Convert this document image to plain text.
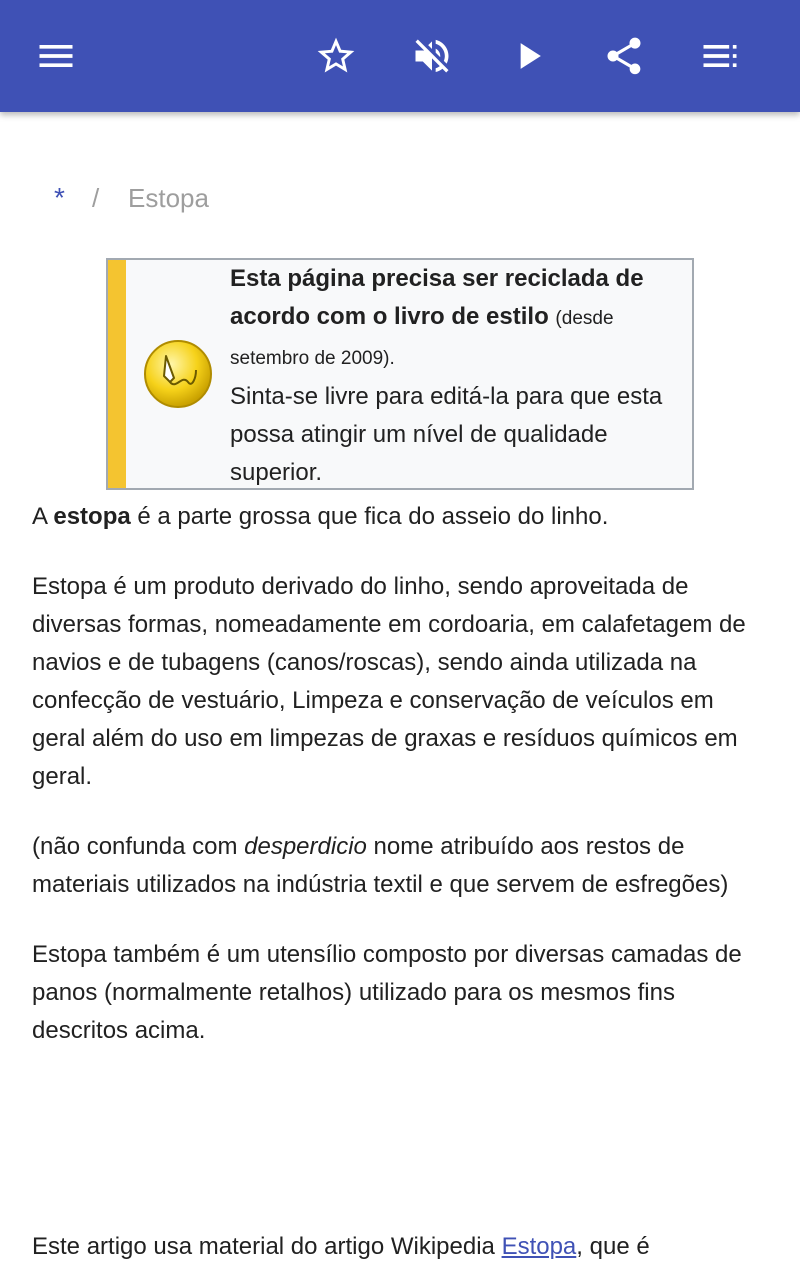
* / Estopa
Esta página precisa ser reciclada de acordo com o livro de estilo (desde setembro de 2009).
Sinta-se livre para editá-la para que esta possa atingir um nível de qualidade superior.

A estopa é a parte grossa que fica do asseio do linho.

Estopa é um produto derivado do linho, sendo aproveitada de diversas formas, nomeadamente em cordoaria, em calafetagem de navios e de tubagens (canos/roscas), sendo ainda utilizada na confecção de vestuário, Limpeza e conservação de veículos em geral além do uso em limpezas de graxas e resíduos químicos em geral.

(não confunda com desperdicio nome atribuído aos restos de materiais utilizados na indústria textil e que servem de esfregões)

Estopa também é um utensílio composto por diversas camadas de panos (normalmente retalhos) utilizado para os mesmos fins descritos acima.

Este artigo usa material do artigo Wikipedia Estopa, que é
